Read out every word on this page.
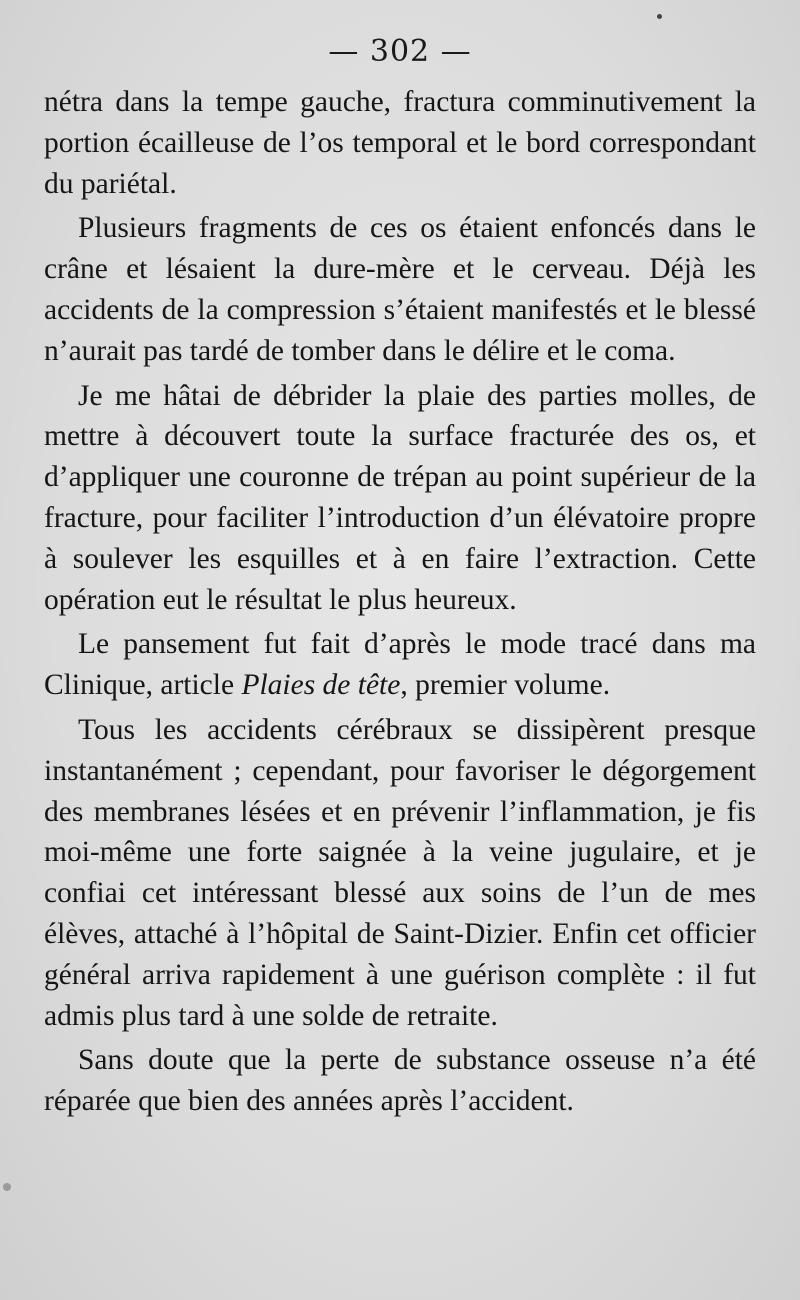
— 302 —

nétra dans la tempe gauche, fractura comminutivement la portion écailleuse de l’os temporal et le bord correspondant du pariétal.

Plusieurs fragments de ces os étaient enfoncés dans le crâne et lésaient la dure-mère et le cerveau. Déjà les accidents de la compression s’étaient manifestés et le blessé n’aurait pas tardé de tomber dans le délire et le coma.

Je me hâtai de débrider la plaie des parties molles, de mettre à découvert toute la surface fracturée des os, et d’appliquer une couronne de trépan au point supérieur de la fracture, pour faciliter l’introduction d’un élévatoire propre à soulever les esquilles et à en faire l’extraction. Cette opération eut le résultat le plus heureux.

Le pansement fut fait d’après le mode tracé dans ma Clinique, article Plaies de tête, premier volume.

Tous les accidents cérébraux se dissipèrent presque instantanément ; cependant, pour favoriser le dégorgement des membranes lésées et en prévenir l’inflammation, je fis moi-même une forte saignée à la veine jugulaire, et je confiai cet intéressant blessé aux soins de l’un de mes élèves, attaché à l’hôpital de Saint-Dizier. Enfin cet officier général arriva rapidement à une guérison complète : il fut admis plus tard à une solde de retraite.

Sans doute que la perte de substance osseuse n’a été réparée que bien des années après l’accident.
